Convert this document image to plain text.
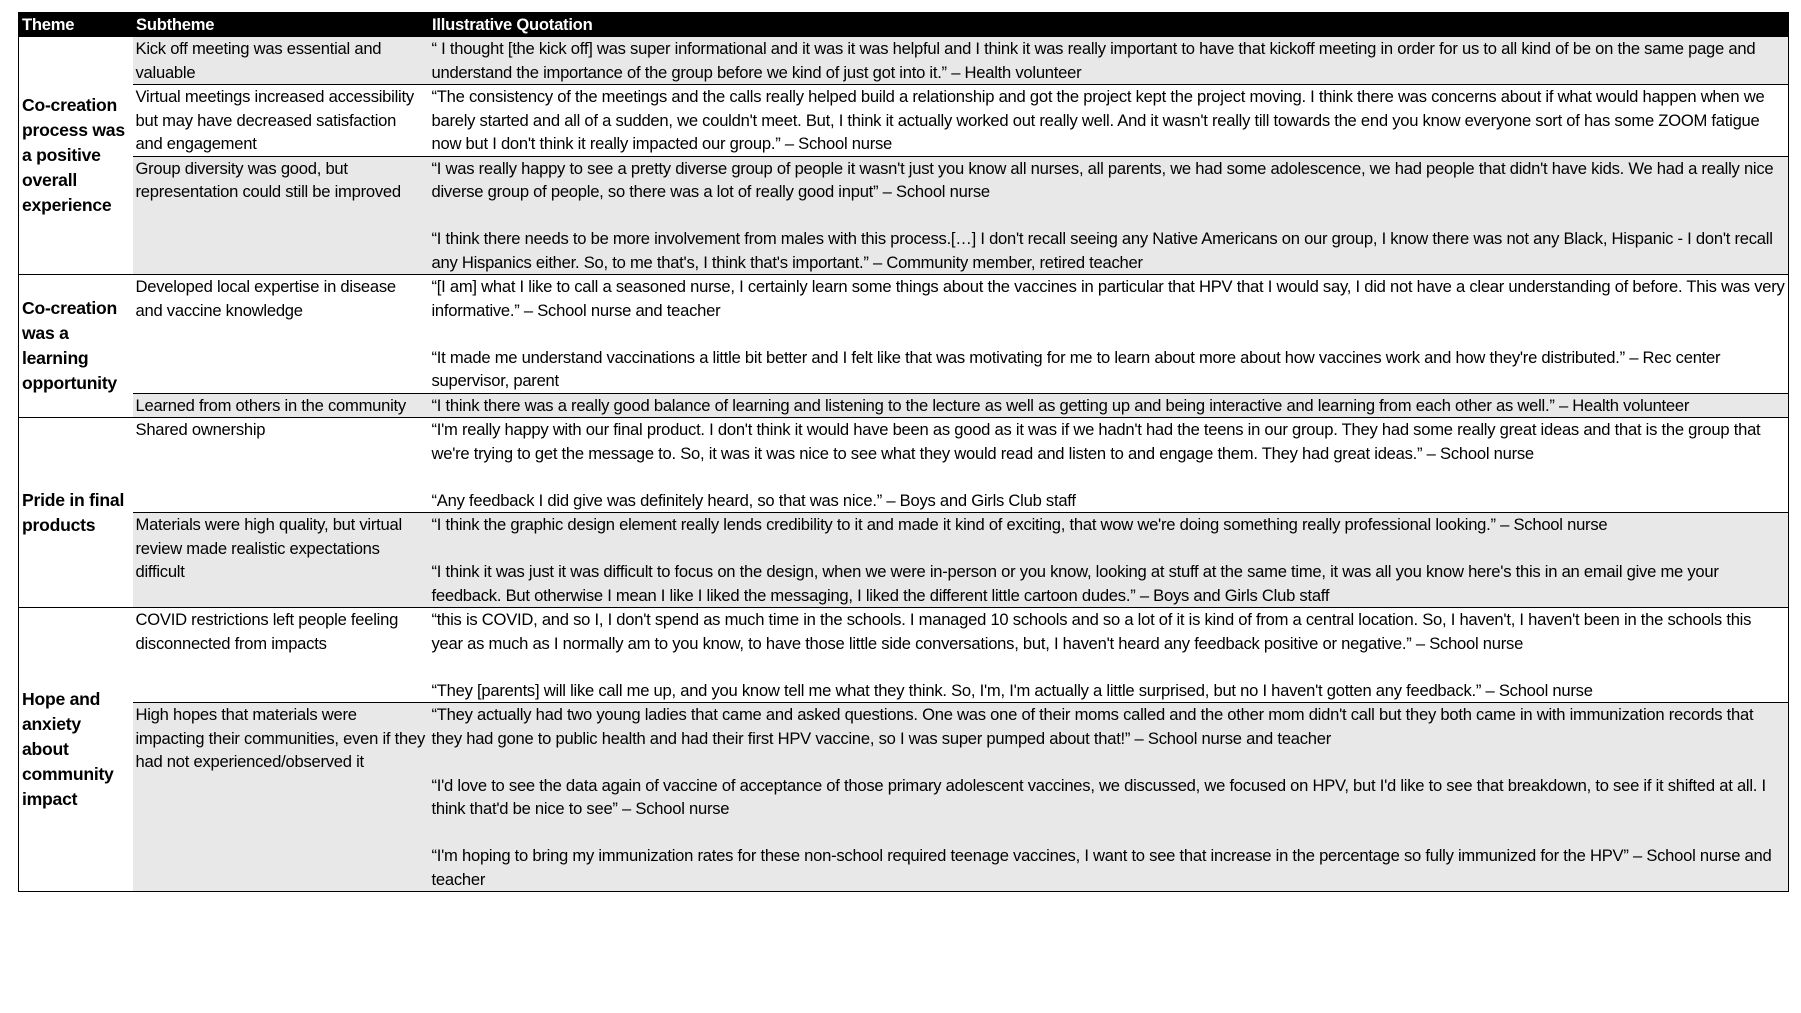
Theme	Subtheme	Illustrative Quotation
Co-creation process was a positive overall experience	Kick off meeting was essential and valuable	“ I thought [the kick off] was super informational and it was it was helpful and I think it was really important to have that kickoff meeting in order for us to all kind of be on the same page and understand the importance of the group before we kind of just got into it.” – Health volunteer

	Virtual meetings increased accessibility but may have decreased satisfaction and engagement	“The consistency of the meetings and the calls really helped build a relationship and got the project kept the project moving. I think there was concerns about if what would happen when we barely started and all of a sudden, we couldn't meet. But, I think it actually worked out really well. And it wasn't really till towards the end you know everyone sort of has some ZOOM fatigue now but I don't think it really impacted our group.” – School nurse

	Group diversity was good, but representation could still be improved	“I was really happy to see a pretty diverse group of people it wasn't just you know all nurses, all parents, we had some adolescence, we had people that didn't have kids. We had a really nice diverse group of people, so there was a lot of really good input” – School nurse
“I think there needs to be more involvement from males with this process.[…] I don't recall seeing any Native Americans on our group, I know there was not any Black, Hispanic - I don't recall any Hispanics either. So, to me that's, I think that's important.” – Community member, retired teacher

Co-creation was a learning opportunity	Developed local expertise in disease and vaccine knowledge	“[I am] what I like to call a seasoned nurse, I certainly learn some things about the vaccines in particular that HPV that I would say, I did not have a clear understanding of before. This was very informative.” – School nurse and teacher
“It made me understand vaccinations a little bit better and I felt like that was motivating for me to learn about more about how vaccines work and how they're distributed.” – Rec center supervisor, parent

	Learned from others in the community	“I think there was a really good balance of learning and listening to the lecture as well as getting up and being interactive and learning from each other as well.” – Health volunteer

Pride in final products	Shared ownership	“I'm really happy with our final product. I don't think it would have been as good as it was if we hadn't had the teens in our group. They had some really great ideas and that is the group that we're trying to get the message to. So, it was it was nice to see what they would read and listen to and engage them. They had great ideas.” – School nurse
“Any feedback I did give was definitely heard, so that was nice.” – Boys and Girls Club staff

	Materials were high quality, but virtual review made realistic expectations difficult	“I think the graphic design element really lends credibility to it and made it kind of exciting, that wow we're doing something really professional looking.” – School nurse
“I think it was just it was difficult to focus on the design, when we were in-person or you know, looking at stuff at the same time, it was all you know here's this in an email give me your feedback. But otherwise I mean I like I liked the messaging, I liked the different little cartoon dudes.” – Boys and Girls Club staff

Hope and anxiety about community impact	COVID restrictions left people feeling disconnected from impacts	“this is COVID, and so I, I don't spend as much time in the schools. I managed 10 schools and so a lot of it is kind of from a central location. So, I haven't, I haven't been in the schools this year as much as I normally am to you know, to have those little side conversations, but, I haven't heard any feedback positive or negative.” – School nurse
“They [parents] will like call me up, and you know tell me what they think. So, I'm, I'm actually a little surprised, but no I haven't gotten any feedback.” – School nurse

	High hopes that materials were impacting their communities, even if they had not experienced/observed it	“They actually had two young ladies that came and asked questions. One was one of their moms called and the other mom didn't call but they both came in with immunization records that they had gone to public health and had their first HPV vaccine, so I was super pumped about that!” – School nurse and teacher
“I'd love to see the data again of vaccine of acceptance of those primary adolescent vaccines, we discussed, we focused on HPV, but I'd like to see that breakdown, to see if it shifted at all. I think that'd be nice to see” – School nurse
“I'm hoping to bring my immunization rates for these non-school required teenage vaccines, I want to see that increase in the percentage so fully immunized for the HPV” – School nurse and teacher
